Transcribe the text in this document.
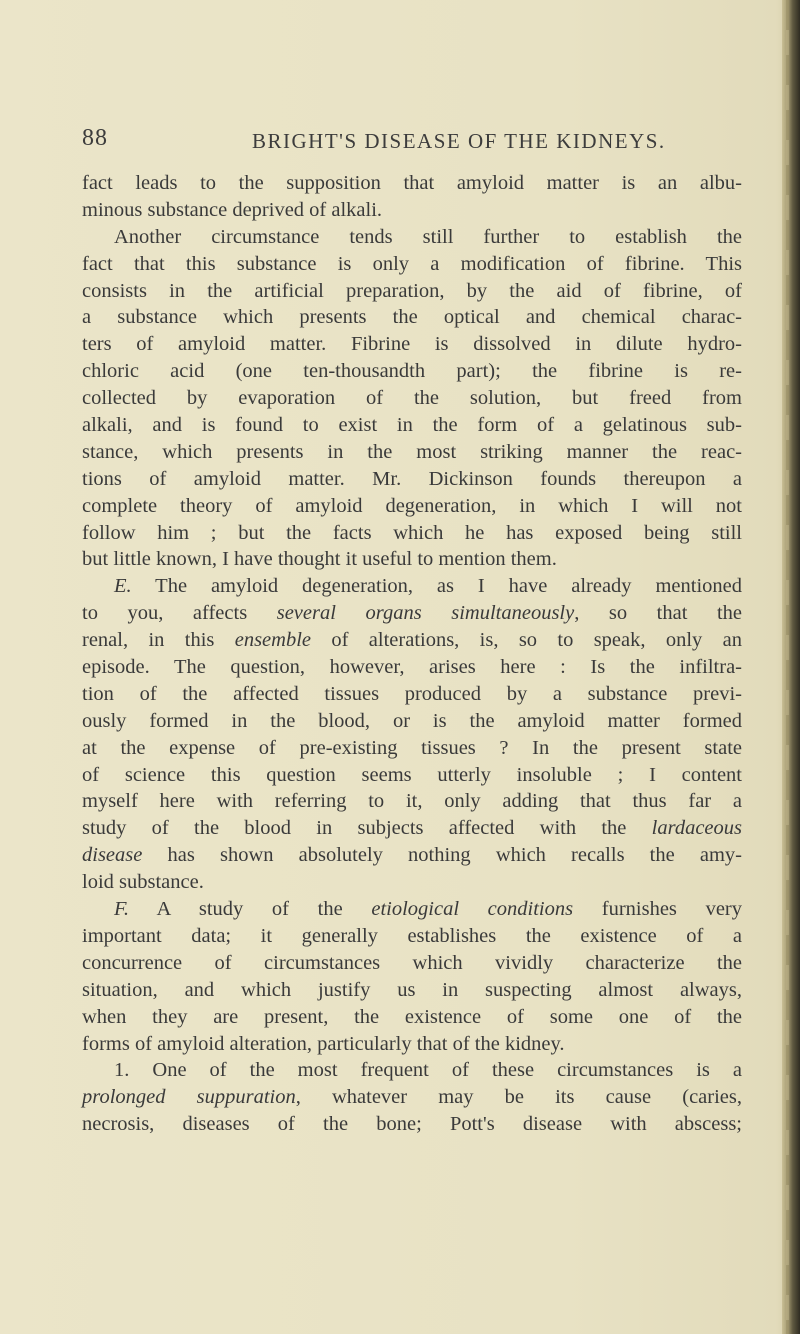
88	BRIGHT'S DISEASE OF THE KIDNEYS.
fact leads to the supposition that amyloid matter is an albu-
minous substance deprived of alkali.
Another circumstance tends still further to establish the
fact that this substance is only a modification of fibrine. This
consists in the artificial preparation, by the aid of fibrine, of
a substance which presents the optical and chemical charac-
ters of amyloid matter. Fibrine is dissolved in dilute hydro-
chloric acid (one ten-thousandth part); the fibrine is re-
collected by evaporation of the solution, but freed from
alkali, and is found to exist in the form of a gelatinous sub-
stance, which presents in the most striking manner the reac-
tions of amyloid matter. Mr. Dickinson founds thereupon a
complete theory of amyloid degeneration, in which I will not
follow him ; but the facts which he has exposed being still
but little known, I have thought it useful to mention them.
E. The amyloid degeneration, as I have already mentioned
to you, affects several organs simultaneously, so that the
renal, in this ensemble of alterations, is, so to speak, only an
episode. The question, however, arises here : Is the infiltra-
tion of the affected tissues produced by a substance previ-
ously formed in the blood, or is the amyloid matter formed
at the expense of pre-existing tissues ? In the present state
of science this question seems utterly insoluble ; I content
myself here with referring to it, only adding that thus far a
study of the blood in subjects affected with the lardaceous
disease has shown absolutely nothing which recalls the amy-
loid substance.
F. A study of the etiological conditions furnishes very
important data; it generally establishes the existence of a
concurrence of circumstances which vividly characterize the
situation, and which justify us in suspecting almost always,
when they are present, the existence of some one of the
forms of amyloid alteration, particularly that of the kidney.
1. One of the most frequent of these circumstances is a
prolonged suppuration, whatever may be its cause (caries,
necrosis, diseases of the bone; Pott's disease with abscess;
